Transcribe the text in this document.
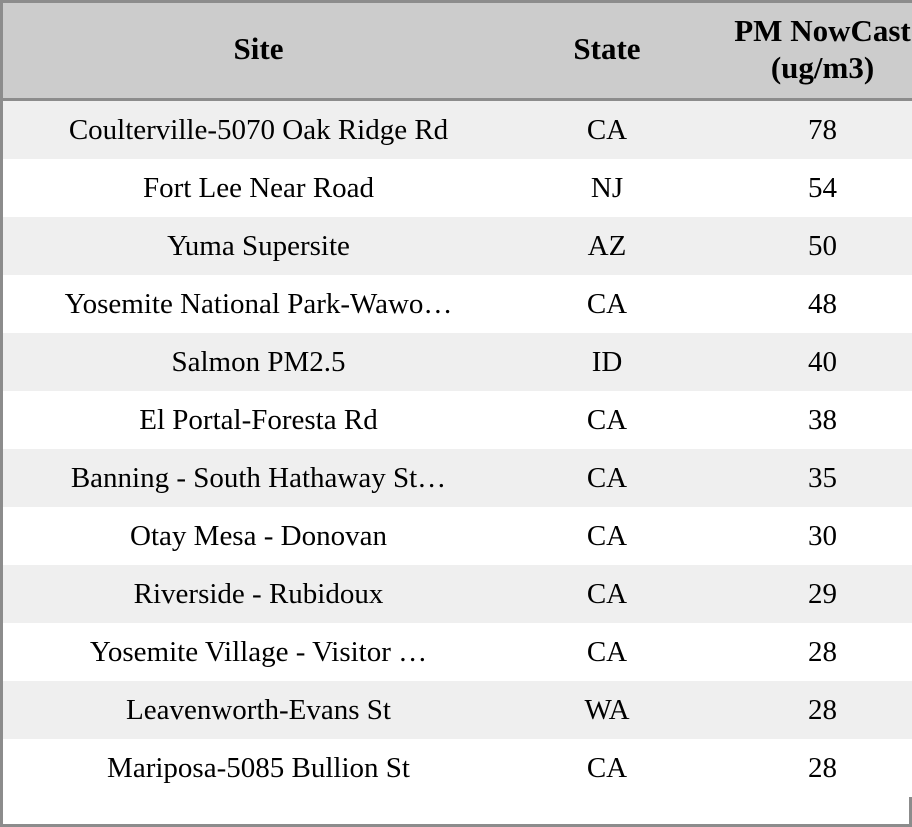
Site	State	PM NowCast (ug/m3)
Coulterville-5070 Oak Ridge Rd	CA	78
Fort Lee Near Road	NJ	54
Yuma Supersite	AZ	50
Yosemite National Park-Wawo…	CA	48
Salmon PM2.5	ID	40
El Portal-Foresta Rd	CA	38
Banning - South Hathaway St…	CA	35
Otay Mesa - Donovan	CA	30
Riverside - Rubidoux	CA	29
Yosemite Village - Visitor …	CA	28
Leavenworth-Evans St	WA	28
Mariposa-5085 Bullion St	CA	28
